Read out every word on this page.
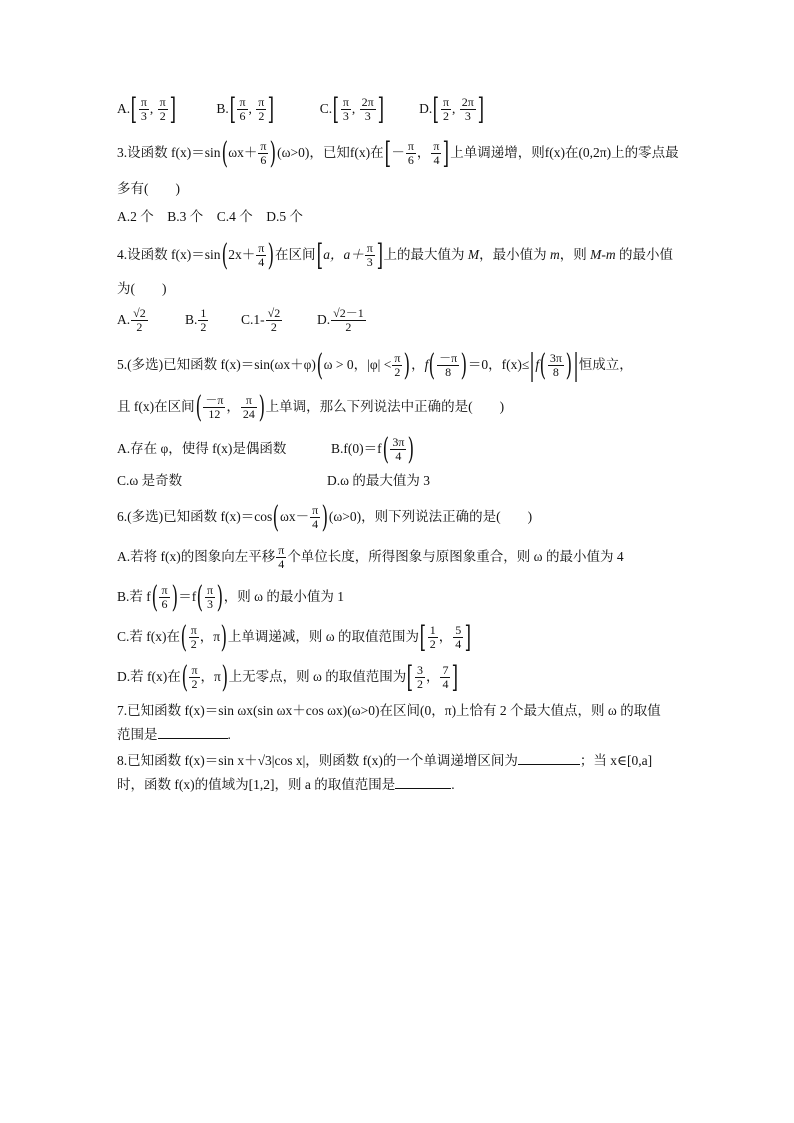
$A.[ \frac{\pi}{3}$ , $\frac{\pi}{2}$ ]	$B.[ \frac{\pi}{6}$ , $\frac{\pi}{2}$ ]	$C.[ \frac{\pi}{3}$ , $\frac{2\pi}{3}$ ]	$D.[ \frac{\pi}{2}$ , $\frac{2\pi}{3}$ ]
3.设函数 $f(x)=\sin(\omega x+ \frac{\pi}{6} )(\omega>0)$，已知f(x)在[－ $\frac{\pi}{6}$ ， $\frac{\pi}{4}$ ]上单调递增，则f(x)在(0,2π)上的零点最
多有(　　)
A.2 个　B.3 个　C.4 个　D.5 个
4.设函数 $f(x)=\sin(2x+ \frac{\pi}{4}$ )在区间[a，$a+ \frac{\pi}{3}$ ]上的最大值为 M，最小值为 m，则 M-m 的最小值
为(　　)
A. $\frac{√2}{2}$	B. $\frac{1}{2} C.1- \frac{√2}{2}$	D. $\frac{√2-1}{2}$
5.(多选)已知函数 f(x)＝sin(ωx＋φ)(ω > 0，$|\varphi| < \frac{\pi}{2}$ )，$f( \frac{-\pi}{8} )=0$，$f(x)\le|f( \frac{3\pi}{8}$ )|恒成立，
且 f(x)在区间( $\frac{-\pi}{12}$ ， $\frac{\pi}{24}$ )上单调，那么下列说法中正确的是(　　)
A.存在 φ，使得 f(x)是偶函数	$B.f(0)=f( \frac{3\pi}{4}$ )
C.ω 是奇数	D.ω 的最大值为 3
6.(多选)已知函数 $f(x)=\cos(\omega x- \frac{\pi}{4} )(\omega>0)$，则下列说法正确的是(　　)
A.若将 f(x)的图象向左平移 $\frac{\pi}{4}$ 个单位长度，所得图象与原图象重合，则 ω 的最小值为 4
B.若 $f( \frac{\pi}{6} )=f( \frac{\pi}{3}$ )，则 ω 的最小值为 1
C.若 f(x)在( $\frac{\pi}{2}$ ，π)上单调递减，则 ω 的取值范围为[ $\frac{1}{2}$ ， $\frac{5}{4}$ ]
D.若 f(x)在( $\frac{\pi}{2}$ ，π)上无零点，则 ω 的取值范围为[ $\frac{3}{2}$ ， $\frac{7}{4}$ ]
7.已知函数 f(x)＝sin ωx(sin ωx＋cos ωx)(ω>0)在区间(0，π)上恰有 2 个最大值点，则 ω 的取值
范围是	.
8.已知函数 f(x)＝sin x＋√3|cos x|，则函数 f(x)的一个单调递增区间为	；当 x∈[0,a]
时，函数 f(x)的值域为[1,2]，则 a 的取值范围是	.
